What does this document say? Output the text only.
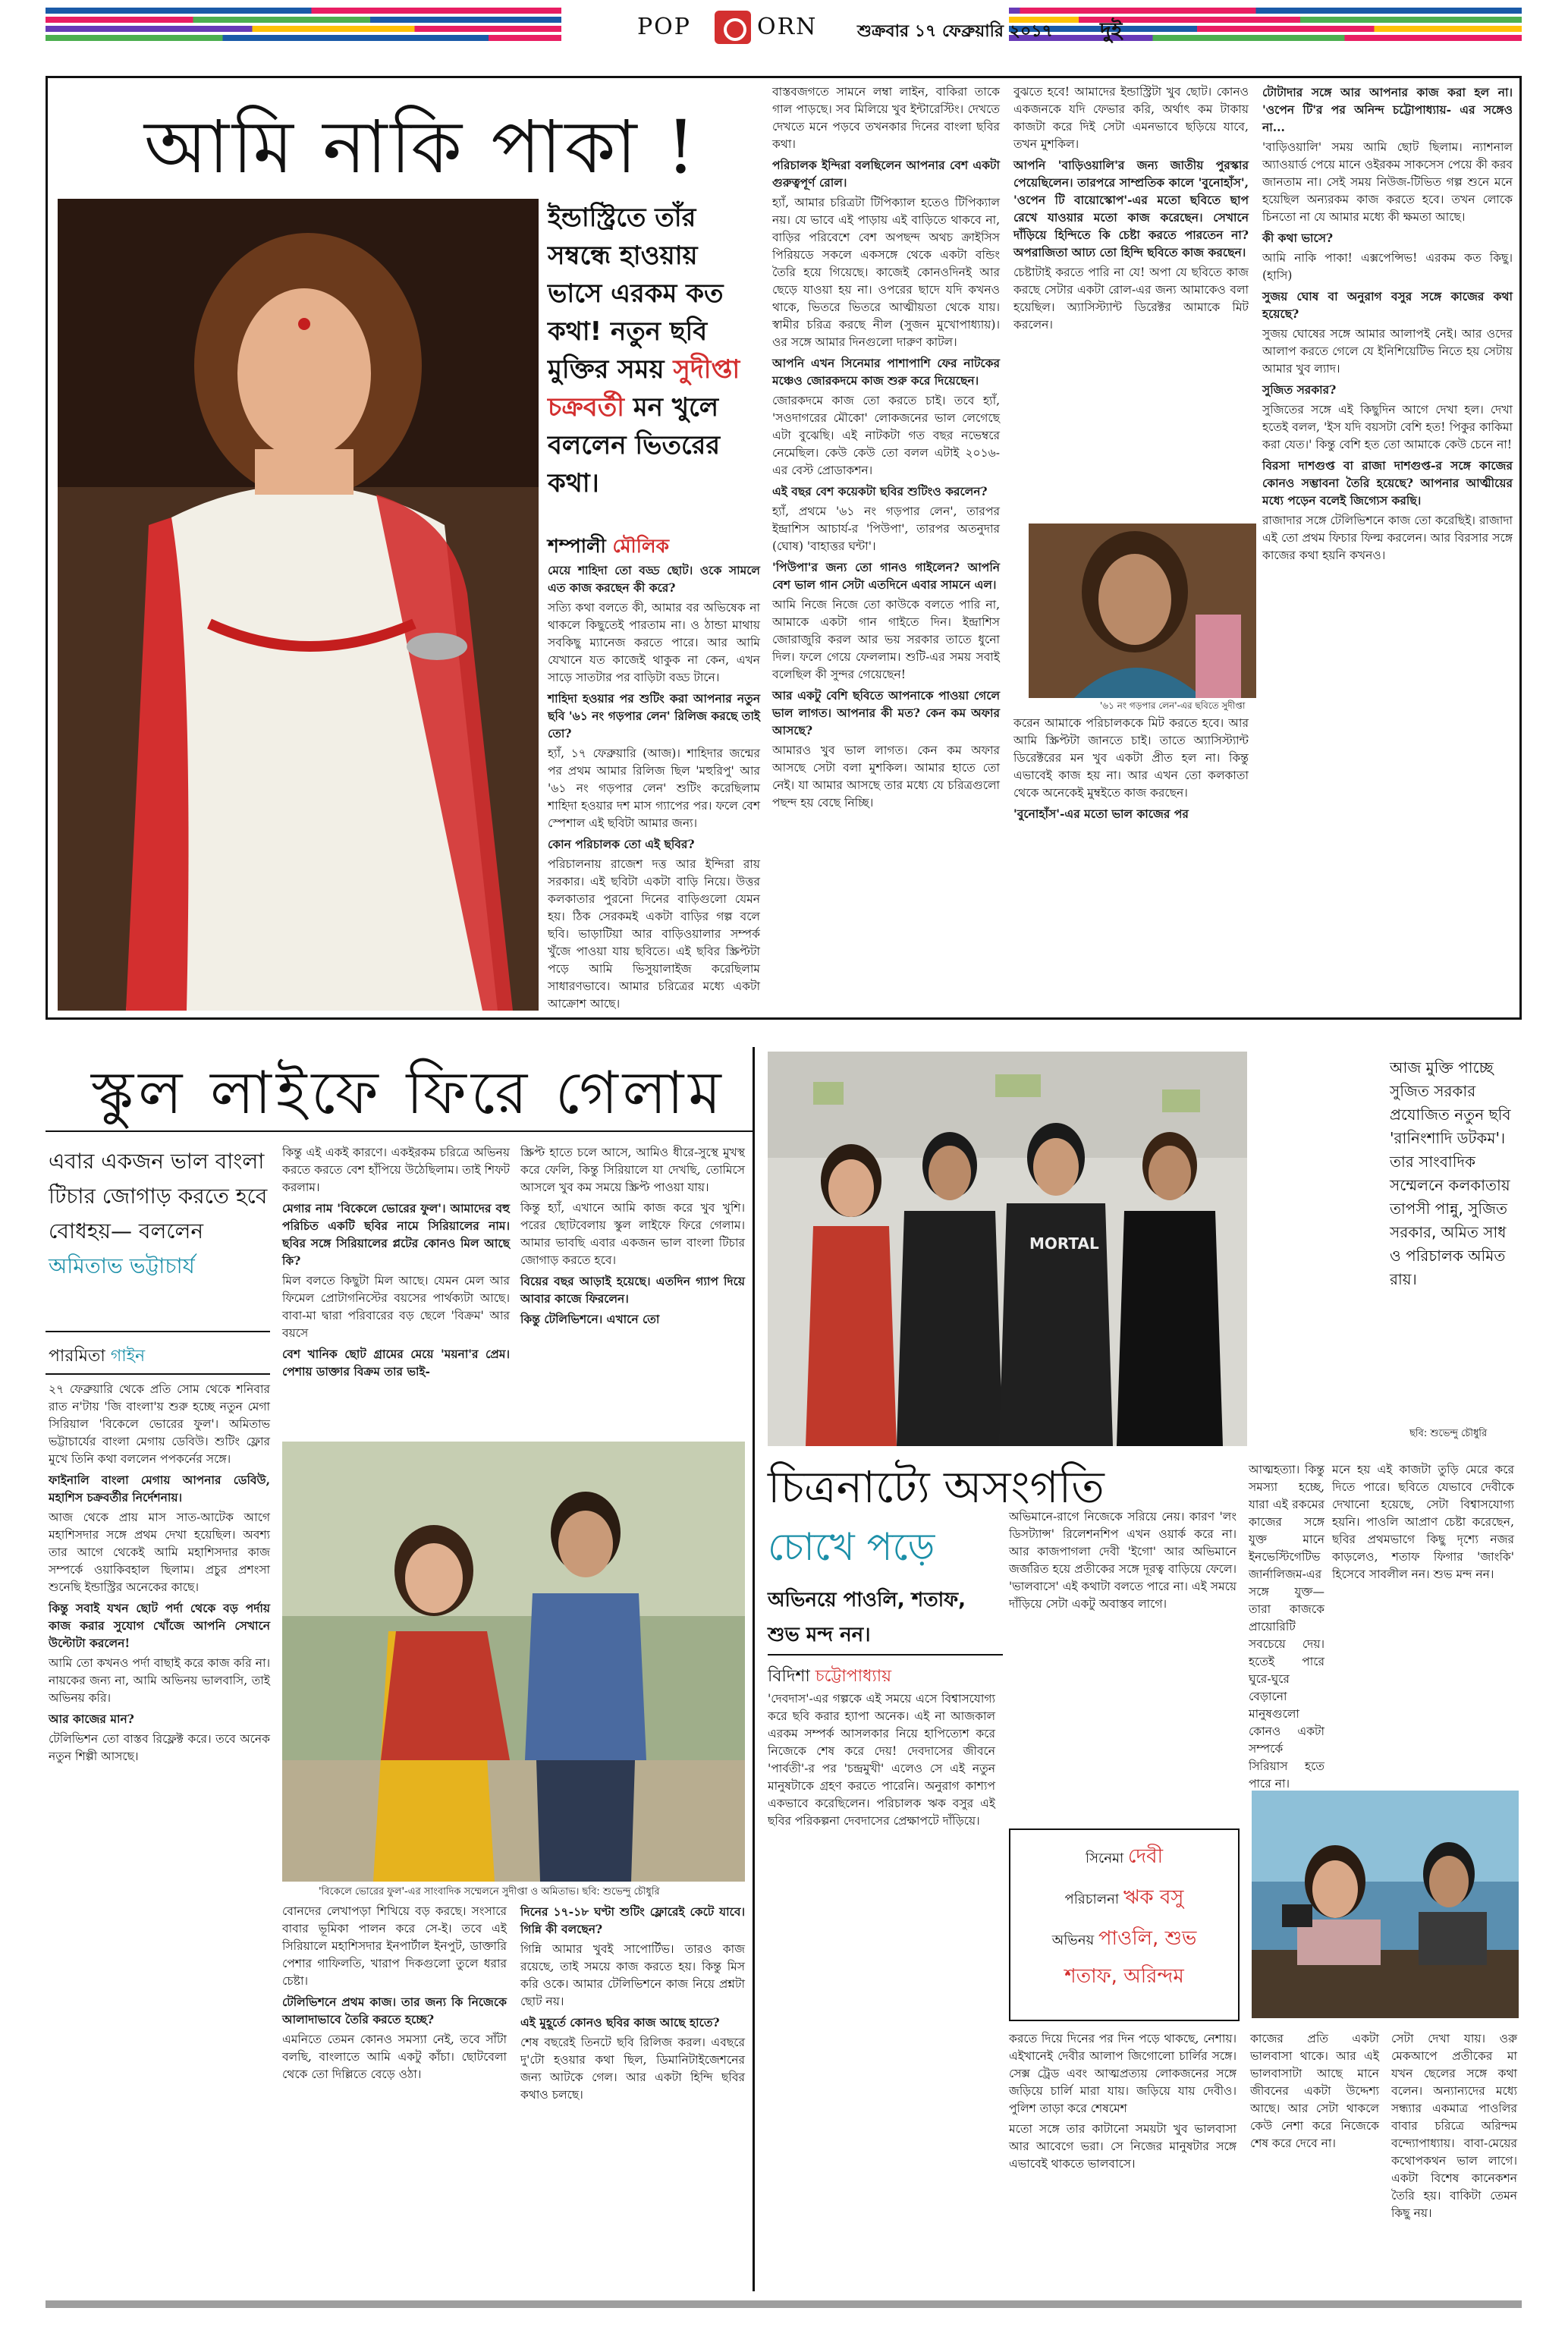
POP	ORN শুক্রবার ১৭ ফেব্রুয়ারি ২০১৭ দুই
আমি নাকি পাকা !
ইন্ডাস্ট্রিতে তাঁর সম্বন্ধে হাওয়ায় ভাসে এরকম কত কথা! নতুন ছবি মুক্তির সময় সুদীপ্তা চক্রবর্তী মন খুলে বললেন ভিতরের কথা।
শম্পালী মৌলিক

মেয়ে শাহিদা তো বড্ড ছোট। ওকে সামলে এত কাজ করছেন কী করে?

সত্যি কথা বলতে কী, আমার বর অভিষেক না থাকলে কিছুতেই পারতাম না। ও ঠান্ডা মাথায় সবকিছু ম্যানেজ করতে পারে। আর আমি যেখানে যত কাজেই থাকুক না কেন, এখন সাড়ে সাতটার পর বাড়িটা বড্ড টানে।

শাহিদা হওয়ার পর শুটিং করা আপনার নতুন ছবি '৬১ নং গড়পার লেন' রিলিজ করছে তাই তো?

হ্যাঁ, ১৭ ফেব্রুয়ারি (আজ)। শাহিদার জন্মের পর প্রথম আমার রিলিজ ছিল 'মহুরিপু' আর '৬১ নং গড়পার লেন' শুটিং করেছিলাম শাহিদা হওয়ার দশ মাস গ্যাপের পর। ফলে বেশ স্পেশাল এই ছবিটা আমার জন্য।

কোন পরিচালক তো এই ছবির?

পরিচালনায় রাজেশ দত্ত আর ইন্দিরা রায় সরকার। এই ছবিটা একটা বাড়ি নিয়ে। উত্তর কলকাতার পুরনো দিনের বাড়িগুলো যেমন হয়। ঠিক সেরকমই একটা বাড়ির গল্প বলে ছবি। ভাড়াটিয়া আর বাড়িওয়ালার সম্পর্ক খুঁজে পাওয়া যায় ছবিতে। এই ছবির স্ক্রিপ্টটা পড়ে আমি ভিসুয়ালাইজ করেছিলাম সাধারণভাবে। আমার চরিত্রের মধ্যে একটা আক্রোশ আছে।

বাস্তবজগতে সামনে লম্বা লাইন, বাকিরা তাকে গাল পাড়ছে। সব মিলিয়ে খুব ইন্টারেস্টিং। দেখতে দেখতে মনে পড়বে তখনকার দিনের বাংলা ছবির কথা।

পরিচালক ইন্দিরা বলছিলেন আপনার বেশ একটা গুরুত্বপূর্ণ রোল।

হ্যাঁ, আমার চরিত্রটা টিপিক্যাল হতেও টিপিক্যাল নয়। যে ভাবে এই পাড়ায় এই বাড়িতে থাকবে না, বাড়ির পরিবেশে বেশ অপছন্দ অথচ ক্রাইসিস পিরিয়ডে সকলে একসঙ্গে থেকে একটা বন্ডিং তৈরি হয়ে গিয়েছে। কাজেই কোনওদিনই আর ছেড়ে যাওয়া হয় না। ওপরের ছাদে যদি কখনও থাকে, ভিতরে ভিতরে আত্মীয়তা থেকে যায়। স্বামীর চরিত্র করছে নীল (সুজন মুখোপাধ্যায়)। ওর সঙ্গে আমার দিনগুলো দারুণ কাটল।

আপনি এখন সিনেমার পাশাপাশি ফের নাটকের মঞ্চেও জোরকদমে কাজ শুরু করে দিয়েছেন।

জোরকদমে কাজ তো করতে চাই। তবে হ্যাঁ, 'সওদাগরের মৌকো' লোকজনের ভাল লেগেছে এটা বুঝেছি। এই নাটকটা গত বছর নভেম্বরে নেমেছিল। কেউ কেউ তো বলল এটাই ২০১৬-এর বেস্ট প্রোডাকশন।

এই বছর বেশ কয়েকটা ছবির শুটিংও করলেন?

হ্যাঁ, প্রথমে '৬১ নং গড়পার লেন', তারপর ইন্দ্রাশিস আচার্য-র 'পিউপা', তারপর অতনুদার (ঘোষ) 'বাহাত্তর ঘন্টা'।

'পিউপা'র জন্য তো গানও গাইলেন? আপনি বেশ ভাল গান সেটা এতদিনে এবার সামনে এল।

আমি নিজে নিজে তো কাউকে বলতে পারি না, আমাকে একটা গান গাইতে দিন। ইন্দ্রাশিস জোরাজুরি করল আর ভয় সরকার তাতে ধুনো দিল। ফলে গেয়ে ফেললাম। শুটি-এর সময় সবাই বলেছিল কী সুন্দর গেয়েছেন!

আর একটু বেশি ছবিতে আপনাকে পাওয়া গেলে ভাল লাগত। আপনার কী মত? কেন কম অফার আসছে?

আমারও খুব ভাল লাগত। কেন কম অফার আসছে সেটা বলা মুশকিল। আমার হাতে তো নেই। যা আমার আসছে তার মধ্যে যে চরিত্রগুলো পছন্দ হয় বেছে নিচ্ছি।

বুঝতে হবে! আমাদের ইন্ডাস্ট্রিটা খুব ছোট। কোনও একজনকে যদি ফেভার করি, অর্থাৎ কম টাকায় কাজটা করে দিই সেটা এমনভাবে ছড়িয়ে যাবে, তখন মুশকিল।

আপনি 'বাড়িওয়ালি'র জন্য জাতীয় পুরস্কার পেয়েছিলেন। তারপরে সাম্প্রতিক কালে 'বুনোহাঁস', 'ওপেন টি বায়োস্কোপ'-এর মতো ছবিতে ছাপ রেখে যাওয়ার মতো কাজ করেছেন। সেখানে দাঁড়িয়ে হিন্দিতে কি চেষ্টা করতে পারতেন না? অপরাজিতা আঢ্য তো হিন্দি ছবিতে কাজ করছেন।

চেষ্টাটাই করতে পারি না যে! অপা যে ছবিতে কাজ করছে সেটার একটা রোল-এর জন্য আমাকেও বলা হয়েছিল। অ্যাসিস্ট্যান্ট ডিরেক্টর আমাকে মিট করলেন।

'৬১ নং গড়পার লেন'-এর ছবিতে সুদীপ্তা

করেন আমাকে পরিচালককে মিট করতে হবে। আর আমি স্ক্রিপ্টটা জানতে চাই। তাতে অ্যাসিস্ট্যান্ট ডিরেক্টরের মন খুব একটা প্রীত হল না। কিন্তু এভাবেই কাজ হয় না। আর এখন তো কলকাতা থেকে অনেকেই মুম্বইতে কাজ করছেন।

'বুনোহাঁস'-এর মতো ভাল কাজের পর

টোটাদার সঙ্গে আর আপনার কাজ করা হল না। 'ওপেন টি'র পর অনিন্দ চট্টোপাধ্যায়- এর সঙ্গেও না...

'বাড়িওয়ালি' সময় আমি ছোট ছিলাম। ন্যাশনাল অ্যাওয়ার্ড পেয়ে মানে ওইরকম সাকসেস পেয়ে কী করব জানতাম না। সেই সময় নিউজ-টিভিত গল্প শুনে মনে হয়েছিল অন্যরকম কাজ করতে হবে। তখন লোকে চিনতো না যে আমার মধ্যে কী ক্ষমতা আছে।

কী কথা ভাসে?

আমি নাকি পাকা! এক্সপেন্সিভ! এরকম কত কিছু। (হাসি)

সুজয় ঘোষ বা অনুরাগ বসুর সঙ্গে কাজের কথা হয়েছে?

সুজয় ঘোষের সঙ্গে আমার আলাপই নেই। আর ওদের আলাপ করতে গেলে যে ইনিশিয়েটিভ নিতে হয় সেটায় আমার খুব ল্যাদ।

সুজিত সরকার?

সুজিতের সঙ্গে এই কিছুদিন আগে দেখা হল। দেখা হতেই বলল, 'ইস যদি বয়সটা বেশি হত! পিকুর কাকিমা করা যেত।' কিন্তু বেশি হত তো আমাকে কেউ চেনে না!

বিরসা দাশগুপ্ত বা রাজা দাশগুপ্ত-র সঙ্গে কাজের কোনও সম্ভাবনা তৈরি হয়েছে? আপনার আত্মীয়ের মধ্যে পড়েন বলেই জিগ্যেস করছি।

রাজাদার সঙ্গে টেলিভিশনে কাজ তো করেছিই। রাজাদা এই তো প্রথম ফিচার ফিল্ম করলেন। আর বিরসার সঙ্গে কাজের কথা হয়নি কখনও।

স্কুল লাইফে ফিরে গেলাম
এবার একজন ভাল বাংলা টিচার জোগাড় করতে হবে বোধহয়— বললেন অমিতাভ ভট্টাচার্য
পারমিতা গাইন

২৭ ফেব্রুয়ারি থেকে প্রতি সোম থেকে শনিবার রাত ন'টায় 'জি বাংলা'য় শুরু হচ্ছে নতুন মেগা সিরিয়াল 'বিকেলে ভোরের ফুল'। অমিতাভ ভট্টাচার্যের বাংলা মেগায় ডেবিউ। শুটিং ফ্লোর মুখে তিনি কথা বললেন পপকর্নের সঙ্গে।

ফাইনালি বাংলা মেগায় আপনার ডেবিউ, মহাশিস চক্রবর্তীর নির্দেশনায়।

আজ থেকে প্রায় মাস সাত-আটেক আগে মহাশিসদার সঙ্গে প্রথম দেখা হয়েছিল। অবশ্য তার আগে থেকেই আমি মহাশিসদার কাজ সম্পর্কে ওয়াকিবহাল ছিলাম। প্রচুর প্রশংসা শুনেছি ইন্ডাস্ট্রির অনেকের কাছে।

কিন্তু সবাই যখন ছোট পর্দা থেকে বড় পর্দায় কাজ করার সুযোগ খোঁজে আপনি সেখানে উল্টোটা করলেন!

আমি তো কখনও পর্দা বাছাই করে কাজ করি না। নায়কের জন্য না, আমি অভিনয় ভালবাসি, তাই অভিনয় করি।

আর কাজের মান?

টেলিভিশন তো বাস্তব রিফ্লেক্ট করে। তবে অনেক নতুন শিল্পী আসছে।

কিন্তু এই একই কারণে। একইরকম চরিত্রে অভিনয় করতে করতে বেশ হাঁপিয়ে উঠেছিলাম। তাই শিফট করলাম।

মেগার নাম 'বিকেলে ভোরের ফুল'। আমাদের বহু পরিচিত একটি ছবির নামে সিরিয়ালের নাম। ছবির সঙ্গে সিরিয়ালের প্লটের কোনও মিল আছে কি?

মিল বলতে কিছুটা মিল আছে। যেমন মেল আর ফিমেল প্রোটাগনিস্টের বয়সের পার্থক্যটা আছে। বাবা-মা দ্বারা পরিবারের বড় ছেলে 'বিক্রম' আর বয়সে

বেশ খানিক ছোট গ্রামের মেয়ে 'ময়না'র প্রেম। পেশায় ডাক্তার বিক্রম তার ভাই-

স্ক্রিপ্ট হাতে চলে আসে, আমিও ধীরে-সুস্থে মুখস্থ করে ফেলি, কিন্তু সিরিয়ালে যা দেখছি, তোমিসে আসলে খুব কম সময়ে স্ক্রিপ্ট পাওয়া যায়।

কিন্তু হ্যাঁ, এখানে আমি কাজ করে খুব খুশি। পরের ছোটবেলায় স্কুল লাইফে ফিরে গেলাম। আমার ভাবছি এবার একজন ভাল বাংলা টিচার জোগাড় করতে হবে।

বিয়ের বছর আড়াই হয়েছে। এতদিন গ্যাপ দিয়ে আবার কাজে ফিরলেন।

কিন্তু টেলিভিশনে। এখানে তো

'বিকেলে ভোরের ফুল'-এর সাংবাদিক সম্মেলনে সুদীপ্তা ও অমিতাভ। ছবি: শুভেন্দু চৌধুরি

বোনদের লেখাপড়া শিখিয়ে বড় করছে। সংসারে বাবার ভূমিকা পালন করে সে-ই। তবে এই সিরিয়ালে মহাশিসদার ইনপার্টাল ইনপুট, ডাক্তারি পেশার গাফিলতি, খারাপ দিকগুলো তুলে ধরার চেষ্টা।

টেলিভিশনে প্রথম কাজ। তার জন্য কি নিজেকে আলাদাভাবে তৈরি করতে হচ্ছে?

এমনিতে তেমন কোনও সমস্যা নেই, তবে সাঁটা বলছি, বাংলাতে আমি একটু কাঁচা। ছোটবেলা থেকে তো দিল্লিতে বেড়ে ওঠা।

দিনের ১৭-১৮ ঘণ্টা শুটিং ফ্লোরেই কেটে যাবে। গিন্নি কী বলছেন?

গিন্নি আমার খুবই সাপোর্টিভ। তারও কাজ রয়েছে, তাই সময়ে কাজ করতে হয়। কিন্তু মিস করি ওকে। আমার টেলিভিশনে কাজ নিয়ে প্রশ্নটা ছোট নয়।

এই মুহূর্তে কোনও ছবির কাজ আছে হাতে?

শেষ বছরেই তিনটে ছবি রিলিজ করল। এবছরে দু'টো হওয়ার কথা ছিল, ডিমানিটাইজেশনের জন্য আটকে গেল। আর একটা হিন্দি ছবির কথাও চলছে।

MORTAL
আজ মুক্তি পাচ্ছে সুজিত সরকার প্রযোজিত নতুন ছবি 'রানিংশাদি ডটকম'। তার সাংবাদিক সম্মেলনে কলকাতায় তাপসী পান্নু, সুজিত সরকার, অমিত সাধ ও পরিচালক অমিত রায়।
ছবি: শুভেন্দু চৌধুরি
চিত্রনাট্যে অসংগতি
চোখে পড়ে
অভিনয়ে পাওলি, শতাফ,
শুভ মন্দ নন।
বিদিশা চট্টোপাধ্যায়

'দেবদাস'-এর গল্পকে এই সময়ে এসে বিশ্বাসযোগ্য করে ছবি করার হ্যাপা অনেক। এই না আজকাল এরকম সম্পর্ক আসলকার নিয়ে হাপিত্যেশ করে নিজেকে শেষ করে দেয়! দেবদাসের জীবনে 'পার্বতী'-র পর 'চন্দ্রমুখী' এলেও সে এই নতুন মানুষটাকে গ্রহণ করতে পারেনি। অনুরাগ কাশ্যপ একভাবে করেছিলেন। পরিচালক ঋক বসুর এই ছবির পরিকল্পনা দেবদাসের প্রেক্ষাপটে দাঁড়িয়ে।

অভিমানে-রাগে নিজেকে সরিয়ে নেয়। কারণ 'লং ডিসট্যান্স' রিলেশনশিপ এখন ওয়ার্ক করে না। আর কাজপাগলা দেবী 'ইগো' আর অভিমানে জর্জরিত হয়ে প্রতীকের সঙ্গে দূরত্ব বাড়িয়ে ফেলে। 'ভালবাসে' এই কথাটা বলতে পারে না। এই সময়ে দাঁড়িয়ে সেটা একটু অবাস্তব লাগে।

আত্মহত্যা। কিন্তু সমস্যা হচ্ছে, যারা এই রকমের কাজের সঙ্গে যুক্ত মানে ইনভেস্টিগেটিভ জার্নালিজম-এর সঙ্গে যুক্ত—তারা কাজকে প্রায়োরিটি সবচেয়ে দেয়। হতেই পারে ঘুরে-ঘুরে বেড়ানো মানুষগুলো কোনও একটা সম্পর্কে সিরিয়াস হতে পারে না।

মনে হয় এই কাজটা তুড়ি মেরে করে দিতে পারে। ছবিতে যেভাবে দেবীকে দেখানো হয়েছে, সেটা বিশ্বাসযোগ্য হয়নি। পাওলি আপ্রাণ চেষ্টা করেছেন, ছবির প্রথমভাগে কিছু দৃশ্যে নজর কাড়লেও, শতাফ ফিগার 'জাংকি' হিসেবে সাবলীল নন। শুভ মন্দ নন।

সিনেমা দেবী
পরিচালনা ঋক বসু
অভিনয় পাওলি, শুভ
শতাফ, অরিন্দম

করতে দিয়ে দিনের পর দিন পড়ে থাকছে, নেশায়। এইখানেই দেবীর আলাপ জিগোলো চার্লির সঙ্গে। সেক্স ট্রেড এবং আত্মপ্রত্যয় লোকজনের সঙ্গে জড়িয়ে চার্লি মারা যায়। জড়িয়ে যায় দেবীও। পুলিশ তাড়া করে শেষমেশ

মতো সঙ্গে তার কাটানো সময়টা খুব ভালবাসা আর আবেগে ভরা। সে নিজের মানুষটার সঙ্গে এভাবেই থাকতে ভালবাসে।

কাজের প্রতি একটা ভালবাসা থাকে। আর এই ভালবাসাটা আছে মানে জীবনের একটা উদ্দেশ্য আছে। আর সেটা থাকলে কেউ নেশা করে নিজেকে শেষ করে দেবে না।

সেটা দেখা যায়। ওরু মেকআপে প্রতীকের মা যখন ছেলের সঙ্গে কথা বলেন। অন্যান্যদের মধ্যে সন্ধ্যার একমাত্র পাওলির বাবার চরিত্রে অরিন্দম বন্দ্যোপাধ্যায়। বাবা-মেয়ের কথোপকথন ভাল লাগে। একটা বিশেষ কানেকশন তৈরি হয়। বাকিটা তেমন কিছু নয়।
